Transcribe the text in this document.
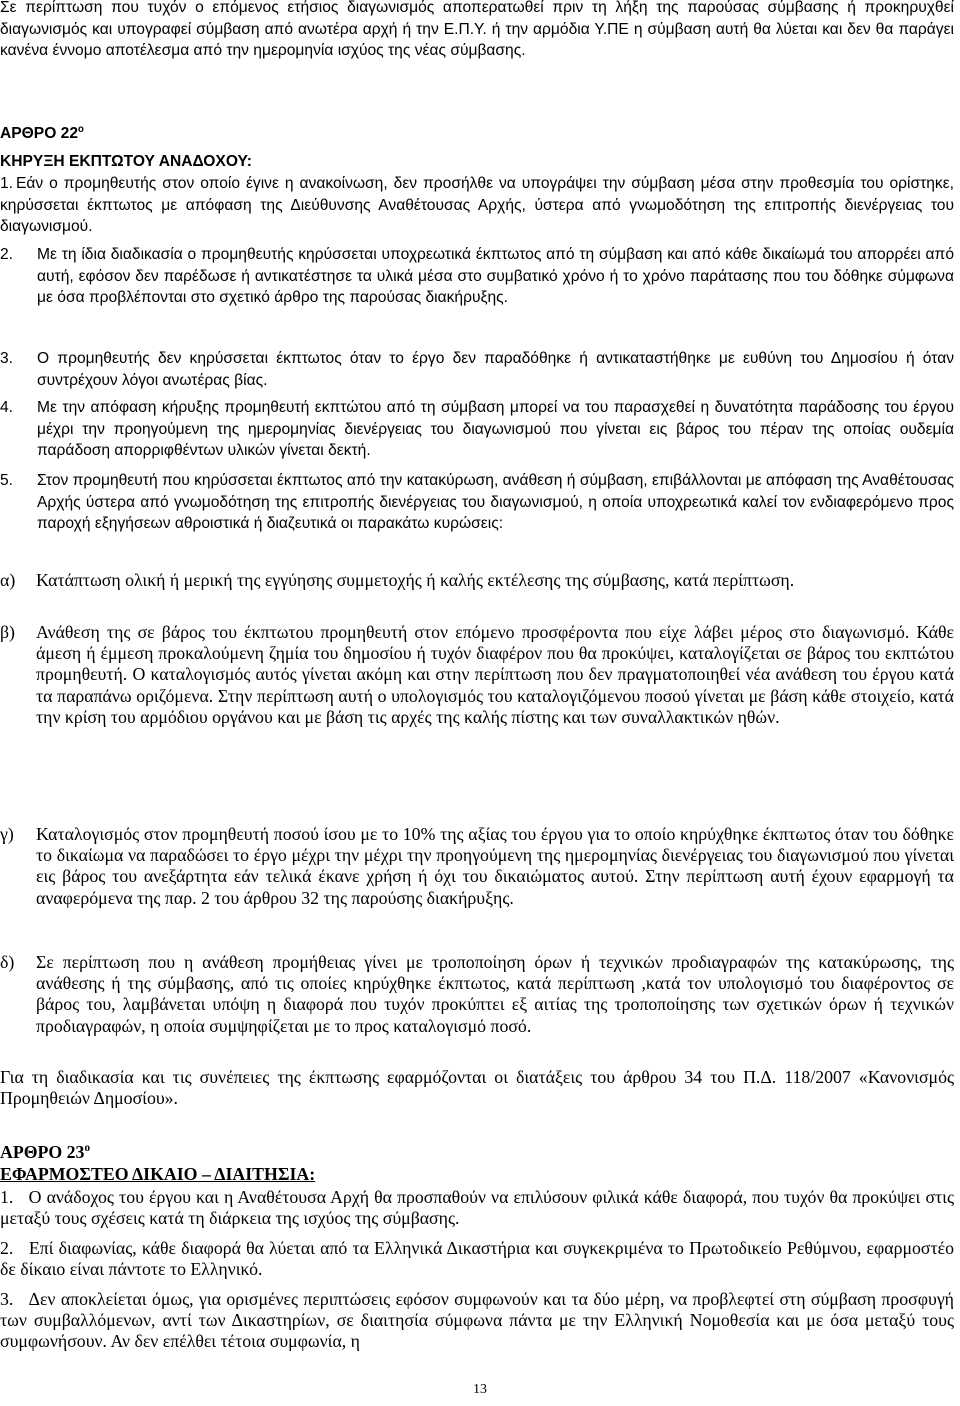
Σε περίπτωση που τυχόν ο επόμενος ετήσιος διαγωνισμός αποπερατωθεί πριν τη λήξη της παρούσας σύμβασης ή προκηρυχθεί διαγωνισμός και υπογραφεί σύμβαση από ανωτέρα αρχή ή την Ε.Π.Υ. ή την αρμόδια Υ.ΠΕ η σύμβαση αυτή θα λύεται και δεν θα παράγει κανένα έννομο αποτέλεσμα από την ημερομηνία ισχύος της νέας σύμβασης.

ΑΡΘΡΟ $22^o$
ΚΗΡΥΞΗ ΕΚΠΤΩΤΟΥ ΑΝΑΔΟΧΟΥ:
1. Εάν ο προμηθευτής στον οποίο έγινε η ανακοίνωση, δεν προσήλθε να υπογράψει την σύμβαση μέσα στην προθεσμία του ορίστηκε, κηρύσσεται έκπτωτος με απόφαση της Διεύθυνσης Αναθέτουσας Αρχής, ύστερα από γνωμοδότηση της επιτροπής διενέργειας του διαγωνισμού.
2. Με τη ίδια διαδικασία ο προμηθευτής κηρύσσεται υποχρεωτικά έκπτωτος από τη σύμβαση και από κάθε δικαίωμά του απορρέει από αυτή, εφόσον δεν παρέδωσε ή αντικατέστησε τα υλικά μέσα στο συμβατικό χρόνο ή το χρόνο παράτασης που του δόθηκε σύμφωνα με όσα προβλέπονται στο σχετικό άρθρο της παρούσας διακήρυξης.
3. Ο προμηθευτής δεν κηρύσσεται έκπτωτος όταν το έργο δεν παραδόθηκε ή αντικαταστήθηκε με ευθύνη του Δημοσίου ή όταν συντρέχουν λόγοι ανωτέρας βίας.
4. Με την απόφαση κήρυξης προμηθευτή εκπτώτου από τη σύμβαση μπορεί να του παρασχεθεί η δυνατότητα παράδοσης του έργου μέχρι την προηγούμενη της ημερομηνίας διενέργειας του διαγωνισμού που γίνεται εις βάρος του πέραν της οποίας ουδεμία παράδοση απορριφθέντων υλικών γίνεται δεκτή.
5. Στον προμηθευτή που κηρύσσεται έκπτωτος από την κατακύρωση, ανάθεση ή σύμβαση, επιβάλλονται με απόφαση της Αναθέτουσας Αρχής ύστερα από γνωμοδότηση της επιτροπής διενέργειας του διαγωνισμού, η οποία υποχρεωτικά καλεί τον ενδιαφερόμενο προς παροχή εξηγήσεων αθροιστικά ή διαζευτικά οι παρακάτω κυρώσεις:
α) Κατάπτωση ολική ή μερική της εγγύησης συμμετοχής ή καλής εκτέλεσης της σύμβασης, κατά περίπτωση.
β) Ανάθεση της σε βάρος του έκπτωτου προμηθευτή στον επόμενο προσφέροντα που είχε λάβει μέρος στο διαγωνισμό. Κάθε άμεση ή έμμεση προκαλούμενη ζημία του δημοσίου ή τυχόν διαφέρον που θα προκύψει, καταλογίζεται σε βάρος του εκπτώτου προμηθευτή. Ο καταλογισμός αυτός γίνεται ακόμη και στην περίπτωση που δεν πραγματοποιηθεί νέα ανάθεση του έργου κατά τα παραπάνω οριζόμενα. Στην περίπτωση αυτή ο υπολογισμός του καταλογιζόμενου ποσού γίνεται με βάση κάθε στοιχείο, κατά την κρίση του αρμόδιου οργάνου και με βάση τις αρχές της καλής πίστης και των συναλλακτικών ηθών.
γ) Καταλογισμός στον προμηθευτή ποσού ίσου με το 10% της αξίας του έργου για το οποίο κηρύχθηκε έκπτωτος όταν του δόθηκε το δικαίωμα να παραδώσει το έργο μέχρι την μέχρι την προηγούμενη της ημερομηνίας διενέργειας του διαγωνισμού που γίνεται εις βάρος του ανεξάρτητα εάν τελικά έκανε χρήση ή όχι του δικαιώματος αυτού. Στην περίπτωση αυτή έχουν εφαρμογή τα αναφερόμενα της παρ. 2 του άρθρου 32 της παρούσης διακήρυξης.
δ) Σε περίπτωση που η ανάθεση προμήθειας γίνει με τροποποίηση όρων ή τεχνικών προδιαγραφών της κατακύρωσης, της ανάθεσης ή της σύμβασης, από τις οποίες κηρύχθηκε έκπτωτος, κατά περίπτωση ,κατά τον υπολογισμό του διαφέροντος σε βάρος του, λαμβάνεται υπόψη η διαφορά που τυχόν προκύπτει εξ αιτίας της τροποποίησης των σχετικών όρων ή τεχνικών προδιαγραφών, η οποία συμψηφίζεται με το προς καταλογισμό ποσό.

Για τη διαδικασία και τις συνέπειες της έκπτωσης εφαρμόζονται οι διατάξεις του άρθρου 34 του Π.Δ. 118/2007 «Κανονισμός Προμηθειών Δημοσίου».

ΑΡΘΡΟ $23^o$
ΕΦΑΡΜΟΣΤΕΟ ΔΙΚΑΙΟ – ΔΙΑΙΤΗΣΙΑ:

1.   Ο ανάδοχος του έργου και η Αναθέτουσα Αρχή θα προσπαθούν να επιλύσουν φιλικά κάθε διαφορά, που τυχόν θα προκύψει στις μεταξύ τους σχέσεις κατά τη διάρκεια της ισχύος της σύμβασης.

2.   Επί διαφωνίας, κάθε διαφορά θα λύεται από τα Ελληνικά Δικαστήρια και συγκεκριμένα το Πρωτοδικείο Ρεθύμνου, εφαρμοστέο δε δίκαιο είναι πάντοτε το Ελληνικό.

3.   Δεν αποκλείεται όμως, για ορισμένες περιπτώσεις εφόσον συμφωνούν και τα δύο μέρη, να προβλεφτεί στη σύμβαση προσφυγή των συμβαλλόμενων, αντί των Δικαστηρίων, σε διαιτησία σύμφωνα πάντα με την Ελληνική Νομοθεσία και με όσα μεταξύ τους συμφωνήσουν. Αν δεν επέλθει τέτοια συμφωνία, η

13
